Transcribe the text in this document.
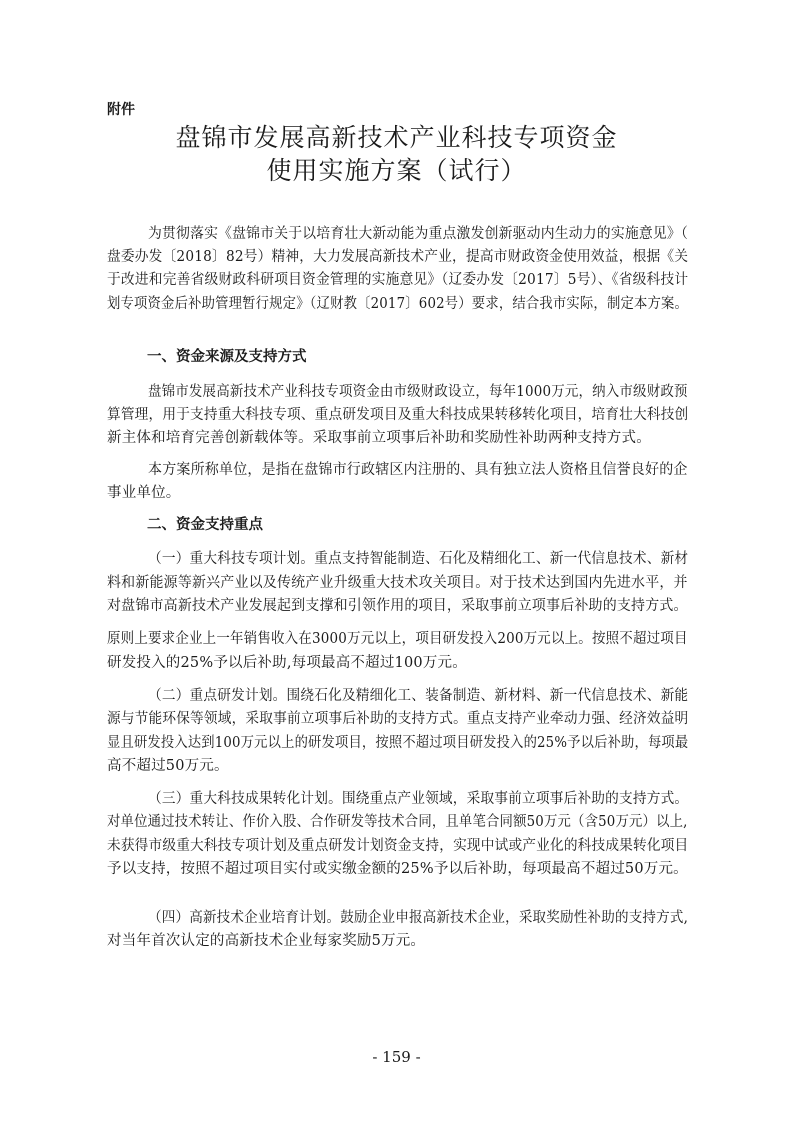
附件
盘锦市发展高新技术产业科技专项资金
使用实施方案（试行）
为贯彻落实《盘锦市关于以培育壮大新动能为重点激发创新驱动内生动力的实施意见》（
盘委办发〔2018〕82号）精神，大力发展高新技术产业，提高市财政资金使用效益，根据《关
于改进和完善省级财政科研项目资金管理的实施意见》（辽委办发〔2017〕5号）、《省级科技计
划专项资金后补助管理暂行规定》（辽财教〔2017〕602号）要求，结合我市实际，制定本方案。
一、资金来源及支持方式
盘锦市发展高新技术产业科技专项资金由市级财政设立，每年1000万元，纳入市级财政预
算管理，用于支持重大科技专项、重点研发项目及重大科技成果转移转化项目，培育壮大科技创
新主体和培育完善创新载体等。采取事前立项事后补助和奖励性补助两种支持方式。
本方案所称单位，是指在盘锦市行政辖区内注册的、具有独立法人资格且信誉良好的企
事业单位。
二、资金支持重点
（一）重大科技专项计划。重点支持智能制造、石化及精细化工、新一代信息技术、新材
料和新能源等新兴产业以及传统产业升级重大技术攻关项目。对于技术达到国内先进水平，并
对盘锦市高新技术产业发展起到支撑和引领作用的项目，采取事前立项事后补助的支持方式。
原则上要求企业上一年销售收入在3000万元以上，项目研发投入200万元以上。按照不超过项目
研发投入的25%予以后补助,每项最高不超过100万元。
（二）重点研发计划。围绕石化及精细化工、装备制造、新材料、新一代信息技术、新能
源与节能环保等领域，采取事前立项事后补助的支持方式。重点支持产业牵动力强、经济效益明
显且研发投入达到100万元以上的研发项目，按照不超过项目研发投入的25%予以后补助，每项最
高不超过50万元。
（三）重大科技成果转化计划。围绕重点产业领域，采取事前立项事后补助的支持方式。
对单位通过技术转让、作价入股、合作研发等技术合同，且单笔合同额50万元（含50万元）以上,
未获得市级重大科技专项计划及重点研发计划资金支持，实现中试或产业化的科技成果转化项目
予以支持，按照不超过项目实付或实缴金额的25%予以后补助，每项最高不超过50万元。
（四）高新技术企业培育计划。鼓励企业申报高新技术企业，采取奖励性补助的支持方式,
对当年首次认定的高新技术企业每家奖励5万元。
- 159 -
